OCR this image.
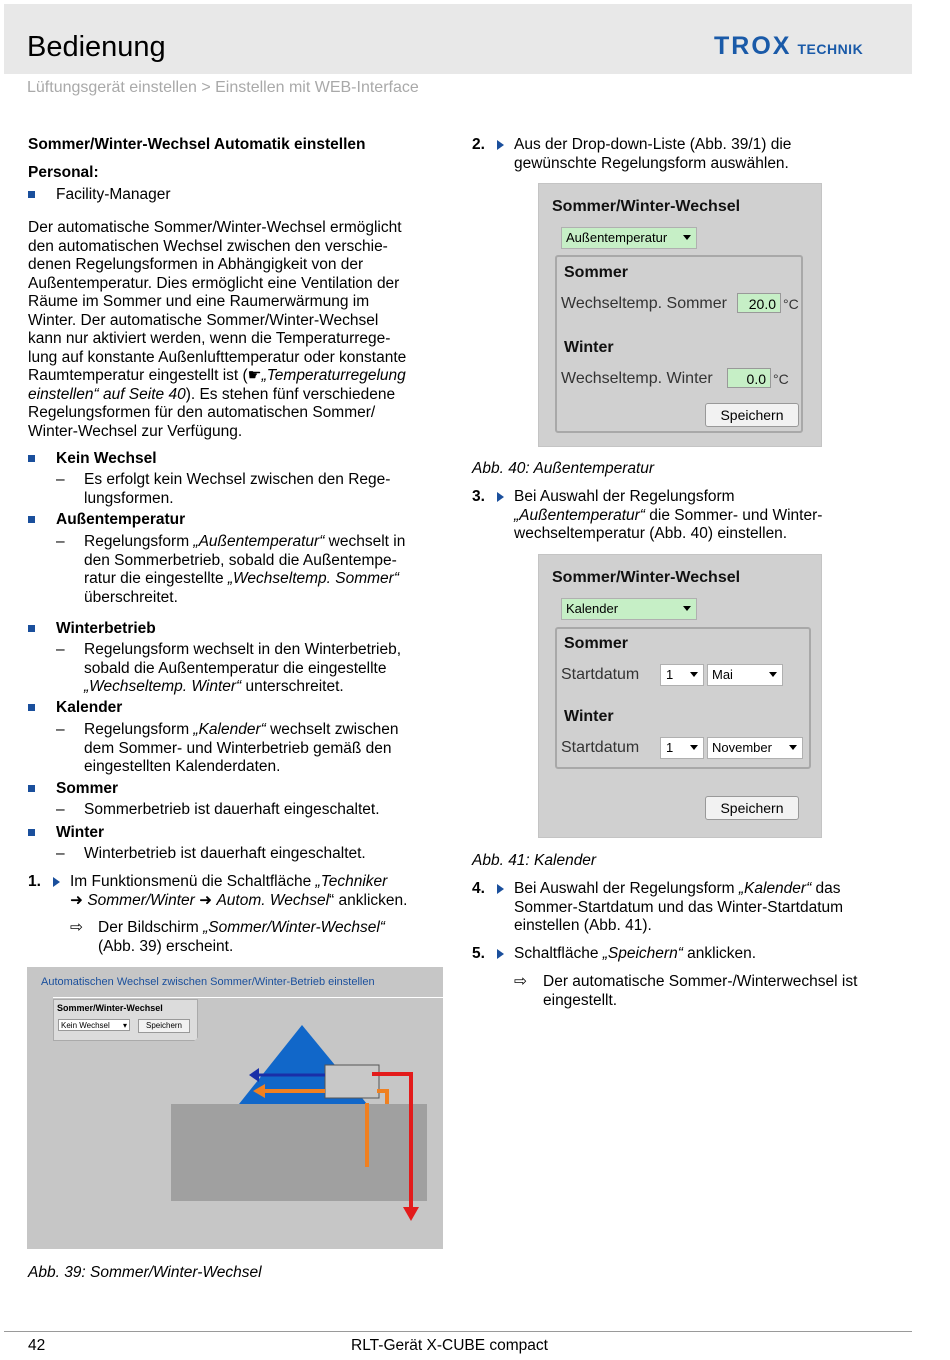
Bedienung	TROX TECHNIK
Lüftungsgerät einstellen > Einstellen mit WEB-Interface
Sommer/Winter-Wechsel Automatik einstellen
Personal:
Facility-Manager
Der automatische Sommer/Winter-Wechsel ermöglicht
den automatischen Wechsel zwischen den verschie-
denen Regelungsformen in Abhängigkeit von der
Außentemperatur. Dies ermöglicht eine Ventilation der
Räume im Sommer und eine Raumerwärmung im
Winter. Der automatische Sommer/Winter-Wechsel
kann nur aktiviert werden, wenn die Temperaturrege-
lung auf konstante Außenlufttemperatur oder konstante
Raumtemperatur eingestellt ist (☛„Temperaturregelung
einstellen“ auf Seite 40). Es stehen fünf verschiedene
Regelungsformen für den automatischen Sommer/
Winter-Wechsel zur Verfügung.
Kein Wechsel
– Es erfolgt kein Wechsel zwischen den Rege-
lungsformen.
Außentemperatur
– Regelungsform „Außentemperatur“ wechselt in
den Sommerbetrieb, sobald die Außentempe-
ratur die eingestellte „Wechseltemp. Sommer“
überschreitet.
Winterbetrieb
– Regelungsform wechselt in den Winterbetrieb,
sobald die Außentemperatur die eingestellte
„Wechseltemp. Winter“ unterschreitet.
Kalender
– Regelungsform „Kalender“ wechselt zwischen
dem Sommer- und Winterbetrieb gemäß den
eingestellten Kalenderdaten.
Sommer
– Sommerbetrieb ist dauerhaft eingeschaltet.
Winter
– Winterbetrieb ist dauerhaft eingeschaltet.
1. Im Funktionsmenü die Schaltfläche „Techniker
➜ Sommer/Winter ➜ Autom. Wechsel“ anklicken.
⇨ Der Bildschirm „Sommer/Winter-Wechsel“
(Abb. 39) erscheint.
Automatischen Wechsel zwischen Sommer/Winter-Betrieb einstellen
Sommer/Winter-Wechsel
Kein Wechsel ▾	Speichern
Abb. 39: Sommer/Winter-Wechsel
2. Aus der Drop-down-Liste (Abb. 39/1) die
gewünschte Regelungsform auswählen.
Sommer/Winter-Wechsel
Außentemperatur
Sommer
Wechseltemp. Sommer	20.0 °C
Winter
Wechseltemp. Winter	0.0 °C
Speichern
Abb. 40: Außentemperatur
3. Bei Auswahl der Regelungsform
„Außentemperatur“ die Sommer- und Winter-
wechseltemperatur (Abb. 40) einstellen.
Sommer/Winter-Wechsel
Kalender
Sommer
Startdatum	1	Mai
Winter
Startdatum	1	November
Speichern
Abb. 41: Kalender
4. Bei Auswahl der Regelungsform „Kalender“ das
Sommer-Startdatum und das Winter-Startdatum
einstellen (Abb. 41).
5. Schaltfläche „Speichern“ anklicken.
⇨ Der automatische Sommer-/Winterwechsel ist
eingestellt.
42	RLT-Gerät X-CUBE compact
